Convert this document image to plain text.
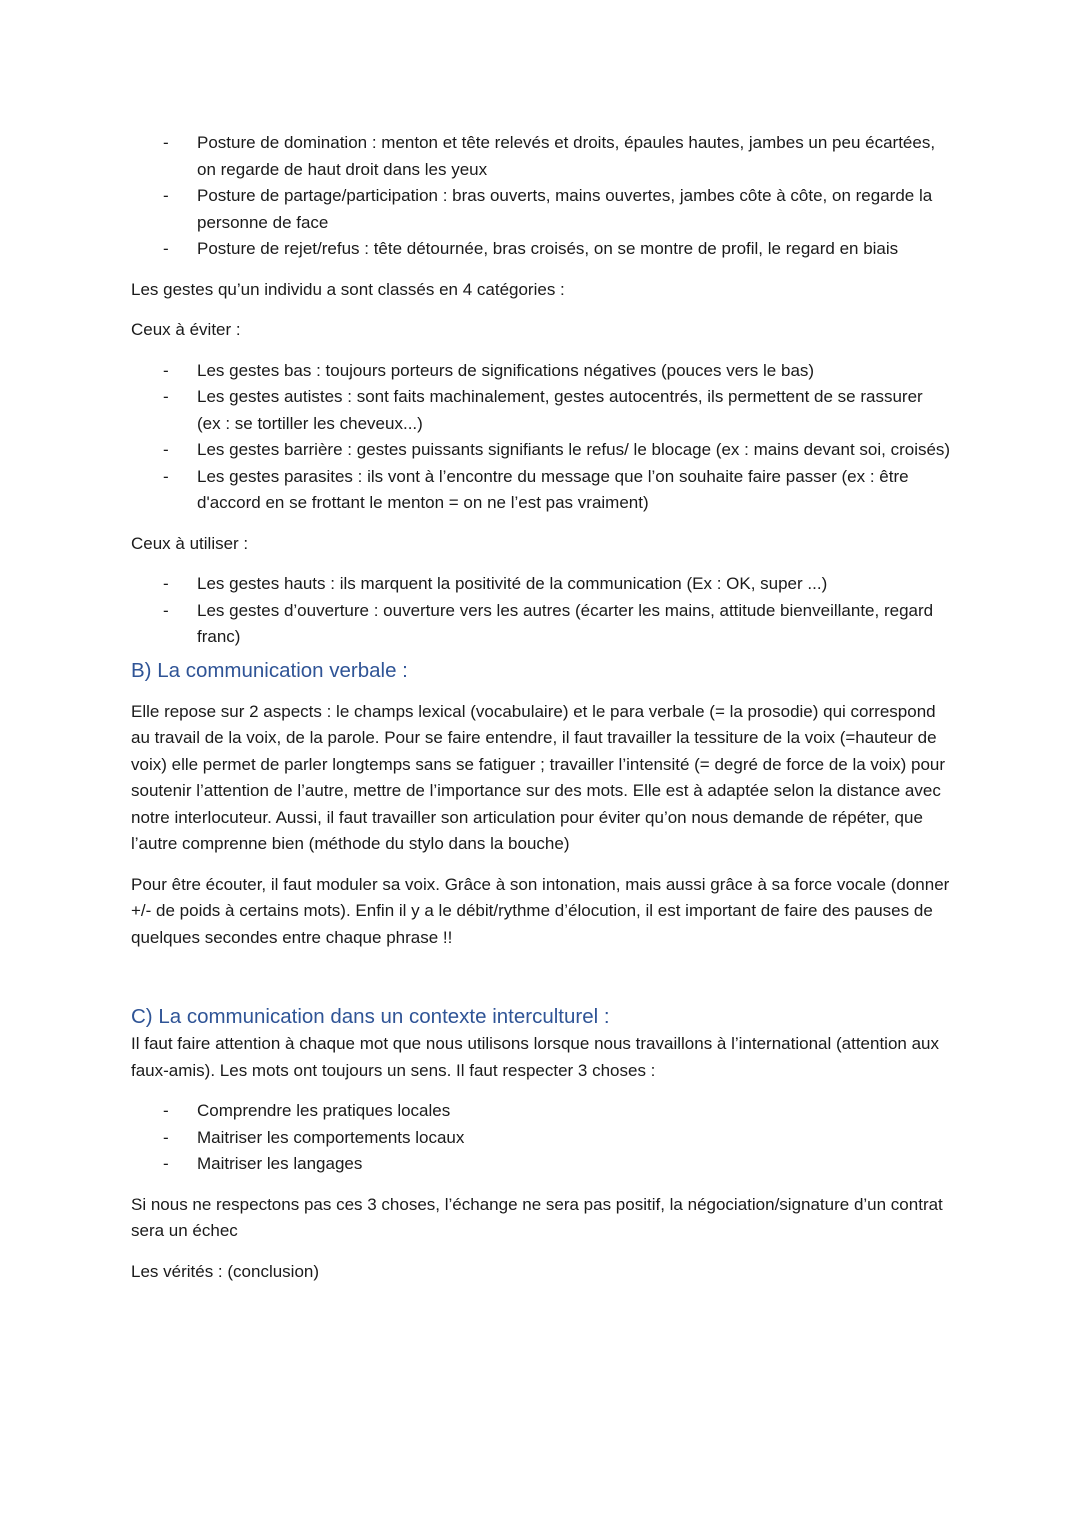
- Posture de domination : menton et tête relevés et droits, épaules hautes, jambes un peu écartées, on regarde de haut droit dans les yeux
- Posture de partage/participation : bras ouverts, mains ouvertes, jambes côte à côte, on regarde la personne de face
- Posture de rejet/refus : tête détournée, bras croisés, on se montre de profil, le regard en biais

Les gestes qu’un individu a sont classés en 4 catégories :

Ceux à éviter :

- Les gestes bas : toujours porteurs de significations négatives (pouces vers le bas)
- Les gestes autistes : sont faits machinalement, gestes autocentrés, ils permettent de se rassurer (ex : se tortiller les cheveux...)
- Les gestes barrière : gestes puissants signifiants le refus/ le blocage (ex : mains devant soi, croisés)
- Les gestes parasites : ils vont à l’encontre du message que l’on souhaite faire passer (ex : être d'accord en se frottant le menton = on ne l’est pas vraiment)

Ceux à utiliser :

- Les gestes hauts : ils marquent la positivité de la communication (Ex : OK, super ...)
- Les gestes d’ouverture : ouverture vers les autres (écarter les mains, attitude bienveillante, regard franc)
B) La communication verbale :

Elle repose sur 2 aspects : le champs lexical (vocabulaire) et le para verbale (= la prosodie) qui correspond au travail de la voix, de la parole. Pour se faire entendre, il faut travailler la tessiture de la voix (=hauteur de voix) elle permet de parler longtemps sans se fatiguer ; travailler l’intensité (= degré de force de la voix) pour soutenir l’attention de l’autre, mettre de l’importance sur des mots. Elle est à adaptée selon la distance avec notre interlocuteur. Aussi, il faut travailler son articulation pour éviter qu’on nous demande de répéter, que l’autre comprenne bien (méthode du stylo dans la bouche)

Pour être écouter, il faut moduler sa voix. Grâce à son intonation, mais aussi grâce à sa force vocale (donner +/- de poids à certains mots). Enfin il y a le débit/rythme d’élocution, il est important de faire des pauses de quelques secondes entre chaque phrase !!

C) La communication dans un contexte interculturel :

Il faut faire attention à chaque mot que nous utilisons lorsque nous travaillons à l’international (attention aux faux-amis). Les mots ont toujours un sens. Il faut respecter 3 choses :

- Comprendre les pratiques locales
- Maitriser les comportements locaux
- Maitriser les langages

Si nous ne respectons pas ces 3 choses, l’échange ne sera pas positif, la négociation/signature d’un contrat sera un échec

Les vérités : (conclusion)
